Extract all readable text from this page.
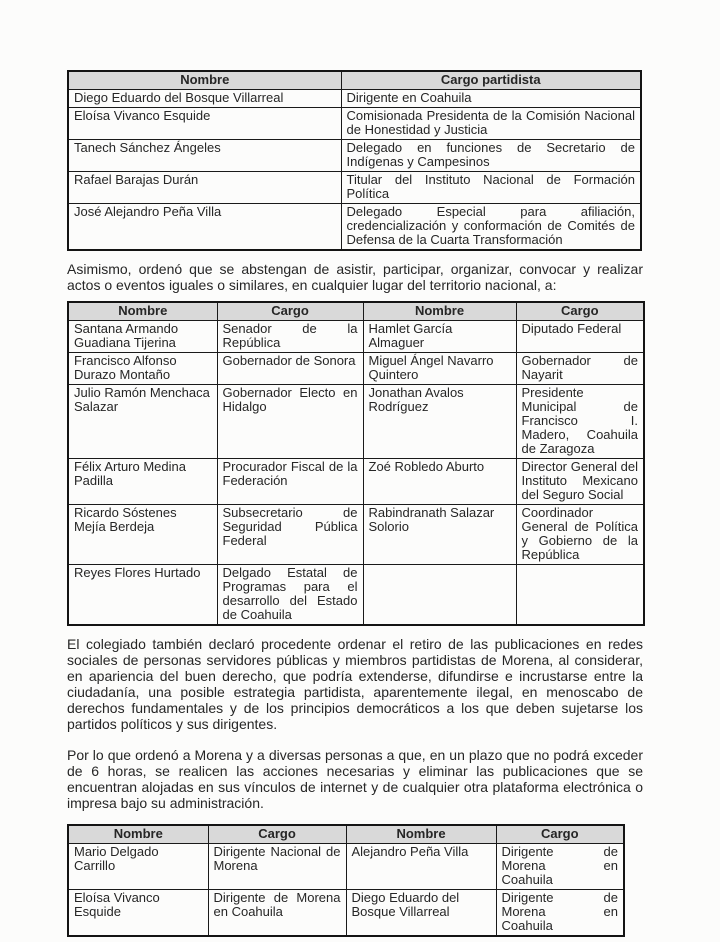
Nombre	Cargo partidista
Diego Eduardo del Bosque Villarreal	Dirigente en Coahuila
Eloísa Vivanco Esquide	Comisionada Presidenta de la Comisión Nacional de Honestidad y Justicia
Tanech Sánchez Ángeles	Delegado en funciones de Secretario de Indígenas y Campesinos
Rafael Barajas Durán	Titular del Instituto Nacional de Formación Política
José Alejandro Peña Villa	Delegado Especial para afiliación, credencialización y conformación de Comités de Defensa de la Cuarta Transformación

Asimismo, ordenó que se abstengan de asistir, participar, organizar, convocar y realizar actos o eventos iguales o similares, en cualquier lugar del territorio nacional, a:

Nombre	Cargo	Nombre	Cargo
Santana Armando Guadiana Tijerina	Senador de la República	Hamlet García Almaguer	Diputado Federal
Francisco Alfonso Durazo Montaño	Gobernador de Sonora	Miguel Ángel Navarro Quintero	Gobernador de Nayarit
Julio Ramón Menchaca Salazar	Gobernador Electo en Hidalgo	Jonathan Avalos Rodríguez	Presidente Municipal de Francisco I. Madero, Coahuila de Zaragoza
Félix Arturo Medina Padilla	Procurador Fiscal de la Federación	Zoé Robledo Aburto	Director General del Instituto Mexicano del Seguro Social
Ricardo Sóstenes Mejía Berdeja	Subsecretario de Seguridad Pública Federal	Rabindranath Salazar Solorio	Coordinador General de Política y Gobierno de la República
Reyes Flores Hurtado	Delgado Estatal de Programas para el desarrollo del Estado de Coahuila		

El colegiado también declaró procedente ordenar el retiro de las publicaciones en redes sociales de personas servidores públicas y miembros partidistas de Morena, al considerar, en apariencia del buen derecho, que podría extenderse, difundirse e incrustarse entre la ciudadanía, una posible estrategia partidista, aparentemente ilegal, en menoscabo de derechos fundamentales y de los principios democráticos a los que deben sujetarse los partidos políticos y sus dirigentes.

Por lo que ordenó a Morena y a diversas personas a que, en un plazo que no podrá exceder de 6 horas, se realicen las acciones necesarias y eliminar las publicaciones que se encuentran alojadas en sus vínculos de internet y de cualquier otra plataforma electrónica o impresa bajo su administración.

Nombre	Cargo	Nombre	Cargo
Mario Delgado Carrillo	Dirigente Nacional de Morena	Alejandro Peña Villa	Dirigente de Morena en Coahuila
Eloísa Vivanco Esquide	Dirigente de Morena en Coahuila	Diego Eduardo del Bosque Villarreal	Dirigente de Morena en Coahuila
